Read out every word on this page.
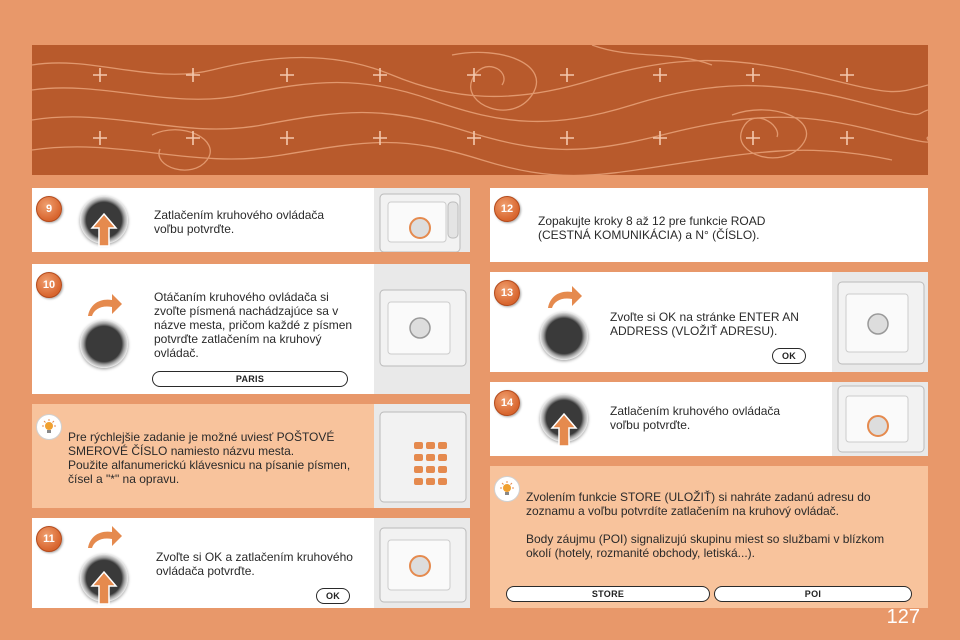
9	Zatlačením kruhového ovládača
voľbu potvrďte.
10
Otáčaním kruhového ovládača si
zvoľte písmená nachádzajúce sa v
názve mesta, pričom každé z písmen
potvrďte zatlačením na kruhový
ovládač.
PARIS
Pre rýchlejšie zadanie je možné uviesť POŠTOVÉ
SMEROVÉ ČÍSLO namiesto názvu mesta.
Použite alfanumerickú klávesnicu na písanie písmen,
čísel a "*" na opravu.
11
Zvoľte si OK a zatlačením kruhového
ovládača potvrďte.
OK
12
Zopakujte kroky 8 až 12 pre funkcie ROAD
(CESTNÁ KOMUNIKÁCIA) a N° (ČÍSLO).
13
Zvoľte si OK na stránke ENTER AN
ADDRESS (VLOŽIŤ ADRESU).
OK
14
Zatlačením kruhového ovládača
voľbu potvrďte.
Zvolením funkcie STORE (ULOŽIŤ) si nahráte zadanú adresu do
zoznamu a voľbu potvrdíte zatlačením na kruhový ovládač.

Body záujmu (POI) signalizujú skupinu miest so službami v blízkom
okolí (hotely, rozmanité obchody, letiská...).
STORE	POI
127
